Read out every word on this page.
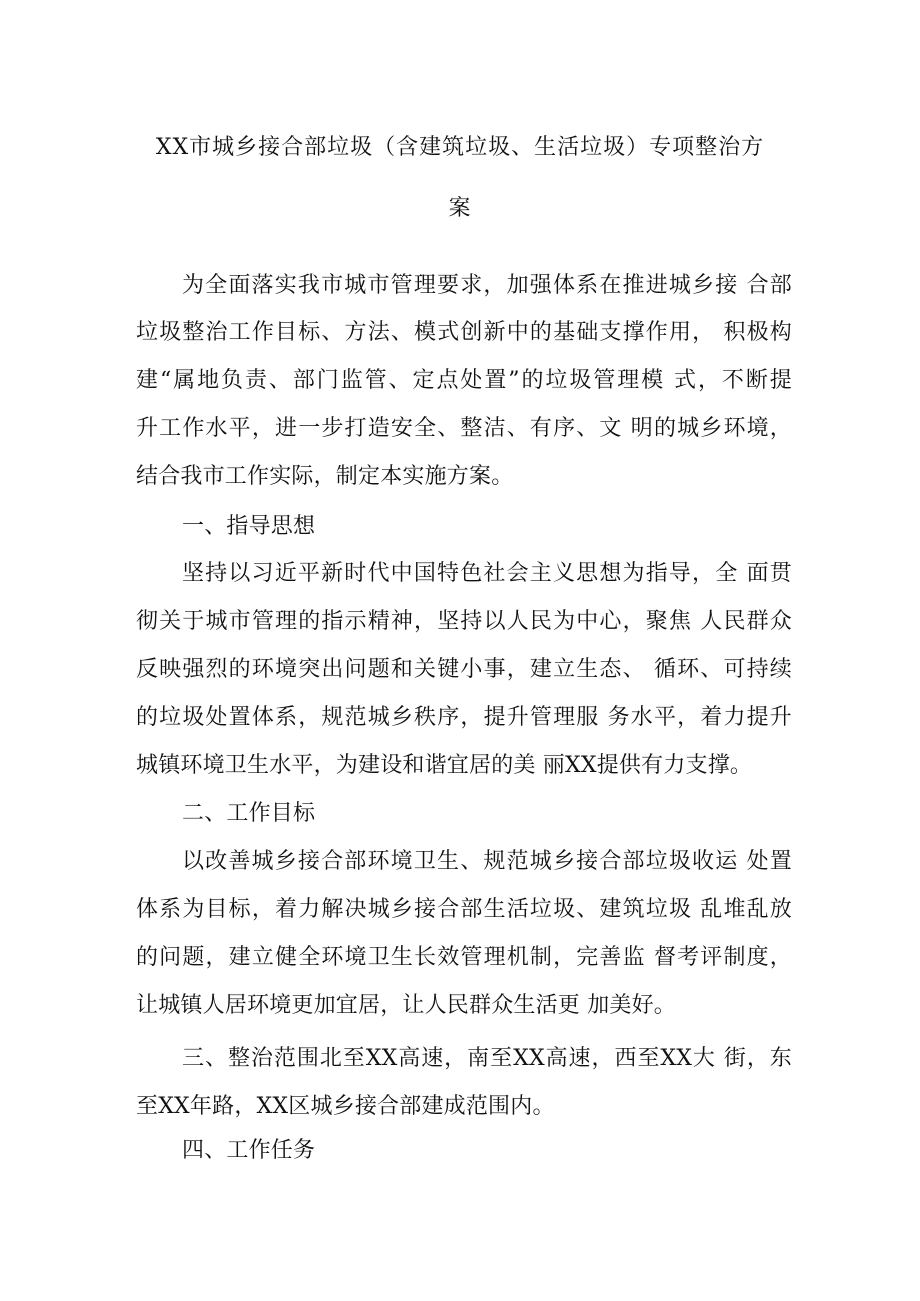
XX市城乡接合部垃圾（含建筑垃圾、生活垃圾）专项整治方
案
为全面落实我市城市管理要求，加强体系在推进城乡接 合部
垃圾整治工作目标、方法、模式创新中的基础支撑作用， 积极构
建“属地负责、部门监管、定点处置”的垃圾管理模 式，不断提
升工作水平，进一步打造安全、整洁、有序、文 明的城乡环境，
结合我市工作实际，制定本实施方案。
一、指导思想
坚持以习近平新时代中国特色社会主义思想为指导，全 面贯
彻关于城市管理的指示精神，坚持以人民为中心，聚焦 人民群众
反映强烈的环境突出问题和关键小事，建立生态、 循环、可持续
的垃圾处置体系，规范城乡秩序，提升管理服 务水平，着力提升
城镇环境卫生水平，为建设和谐宜居的美 丽XX提供有力支撑。
二、工作目标
以改善城乡接合部环境卫生、规范城乡接合部垃圾收运 处置
体系为目标，着力解决城乡接合部生活垃圾、建筑垃圾 乱堆乱放
的问题，建立健全环境卫生长效管理机制，完善监 督考评制度，
让城镇人居环境更加宜居，让人民群众生活更 加美好。
三、整治范围北至XX高速，南至XX高速，西至XX大 街，东
至XX年路，XX区城乡接合部建成范围内。
四、工作任务
